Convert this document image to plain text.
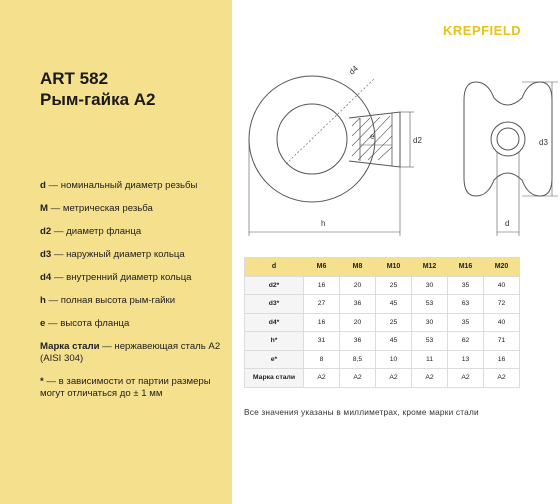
ART 582
Рым-гайка А2
d — номинальный диаметр резьбы
M — метрическая резьба
d2 — диаметр фланца
d3 — наружный диаметр кольца
d4 — внутренний диаметр кольца
h — полная высота рым-гайки
e — высота фланца
Марка стали — нержавеющая сталь A2 (AISI 304)
* — в зависимости от партии размеры могут отличаться до ± 1 мм
KREPFIELD
d4
e	d2
h
d3
d
d	M6	M8	M10	M12	M16	M20
d2*	16	20	25	30	35	40
d3*	27	36	45	53	63	72
d4*	16	20	25	30	35	40
h*	31	36	45	53	62	71
e*	8	8,5	10	11	13	16
Марка стали	A2	A2	A2	A2	A2	A2
Все значения указаны в миллиметрах, кроме марки стали
